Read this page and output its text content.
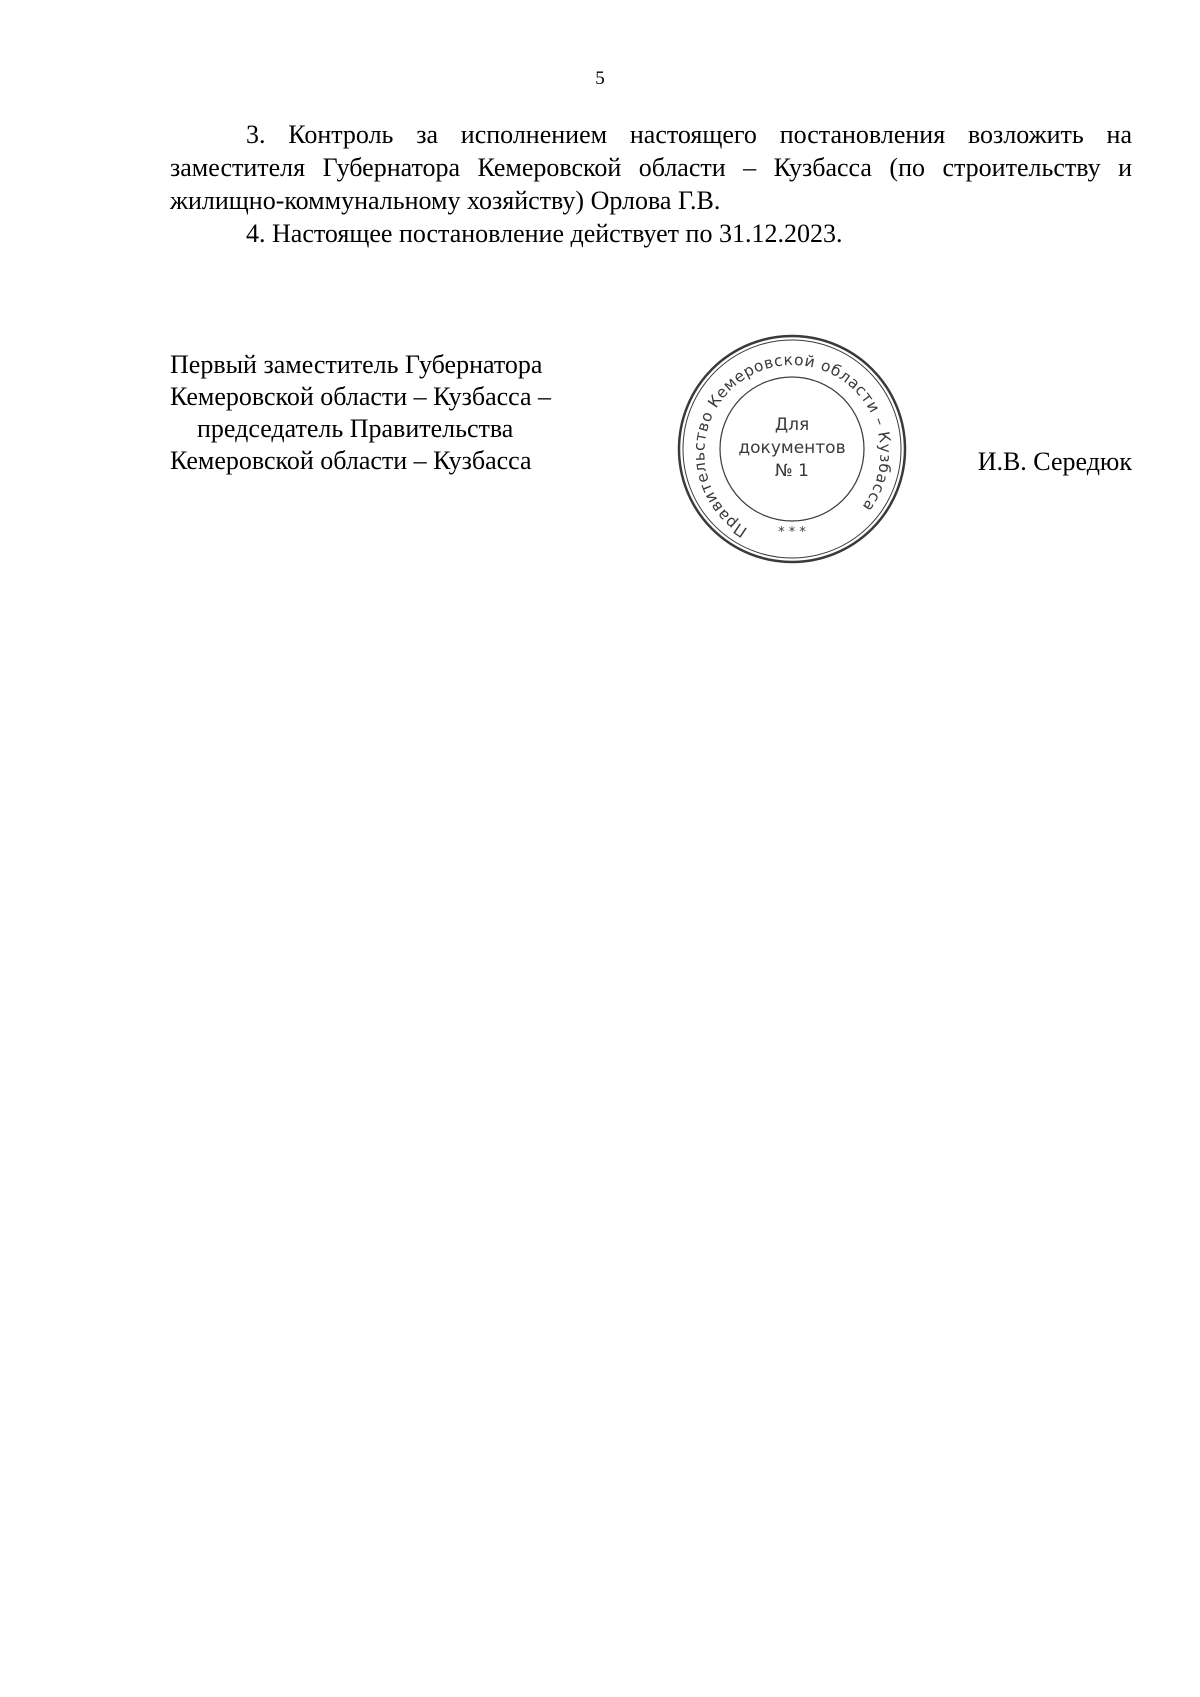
5

3. Контроль за исполнением настоящего постановления возложить на заместителя Губернатора Кемеровской области – Кузбасса (по строительству и жилищно-коммунальному хозяйству) Орлова Г.В.

4. Настоящее постановление действует по 31.12.2023.

Первый заместитель Губернатора
Кемеровской области – Кузбасса –
председатель Правительства
Кемеровской области – Кузбасса
Правительство Кемеровской области – Кузбасса
* * *
Для
документов
№ 1	И.В. Середюк
